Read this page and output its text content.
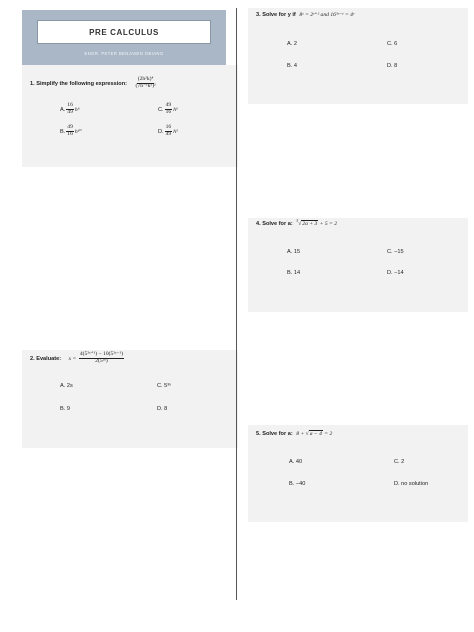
PRE CALCULUS
ENGR. PETER BENJAMIN OBIANO
1. Simplify the following expression: $\frac{\text{(2h²k)⁴}}{\text{(7h⁻¹k²)²}}$
A. $\frac{16}{49} h^6$	C. $\frac{49}{16} h^6$
B. $\frac{49}{16} h^{10}$	D. $\frac{16}{49} h^5$
2. Evaluate: $x = \frac{\text{4(5²ˣ⁺¹) − 10(5²ˣ⁻¹)}}{\text{2(5²ˣ)}}$
A. 2s	C. 5³ˣ
B. 9	D. 8
3. Solve for y if 8ˣ = 2ʸ⁺² and 16³ˣ⁻ʸ = 4ʸ
A. 2	C. 6
B. 4	D. 8
4. Solve for a: $^3$√2a + 3 + 5 = 2
A. 15	C. −15
B. 14	D. −14
5. Solve for a: 8 + √a − 4 = 2
A. 40	C. 2
B. −40	D. no solution
